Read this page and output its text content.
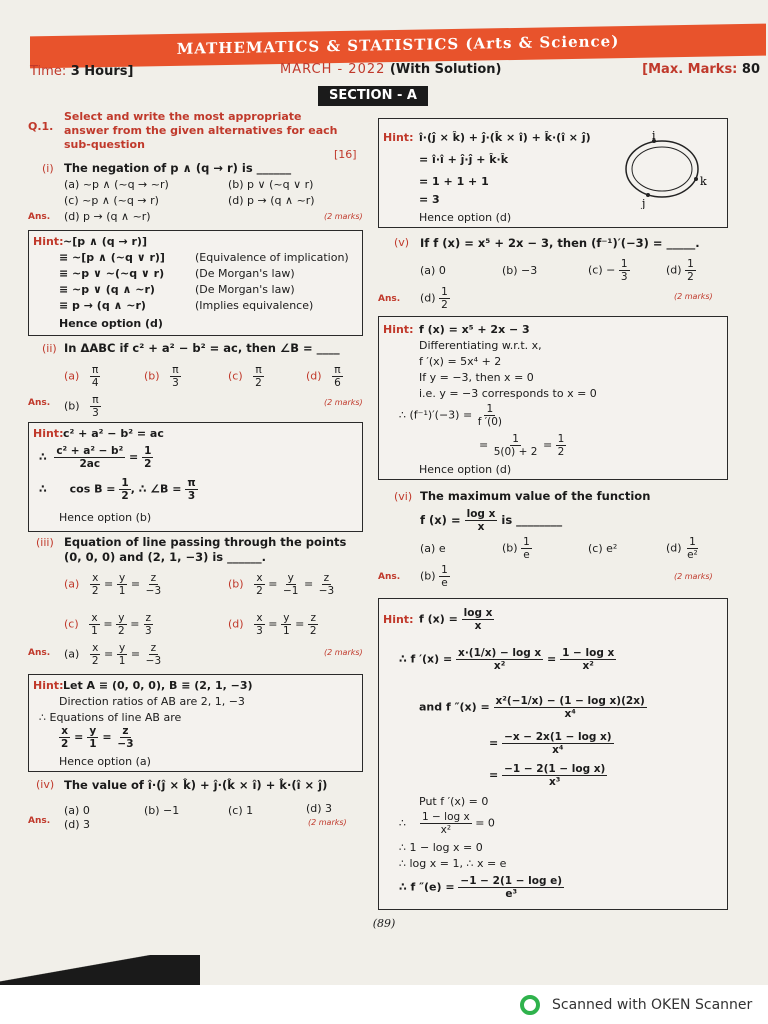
MATHEMATICS & STATISTICS (Arts & Science)
Time: 3 Hours]	MARCH - 2022 (With Solution)	[Max. Marks: 80
SECTION - A
Q.1.
Select and write the most appropriate
answer from the given alternatives for each
sub-question
[16]
(i) The negation of p ∧ (q → r) is ______
(a) ~p ∧ (~q → ~r)	(b) p ∨ (~q ∨ r)
(c) ~p ∧ (~q → r)	(d) p → (q ∧ ~r)
Ans. (d) p → (q ∧ ~r)	(2 marks)
Hint: ~[p ∧ (q → r)]
≡ ~[p ∧ (~q ∨ r)]	(Equivalence of implication)
≡ ~p ∨ ~(~q ∨ r)	(De Morgan's law)
≡ ~p ∨ (q ∧ ~r)	(De Morgan's law)
≡ p → (q ∧ ~r)	(Implies equivalence)
Hence option (d)
(ii) In ΔABC if c² + a² − b² = ac, then ∠B = ____
$(a) \frac{\pi}{4}$	$(b) \frac{\pi}{3}$	$(c) \frac{\pi}{2}$	$(d) \frac{\pi}{6}$
Ans. $(b) \frac{\pi}{3}$	(2 marks)
Hint: c² + a² − b² = ac
∴ $\frac{\text{c² + a² − b²}}{2ac} = \frac{1}{2}$
∴      $\cos B = \frac{1}{2}$ , ∴ ∠B = $\frac{\pi}{3}$
Hence option (b)
(iii) Equation of line passing through the points
(0, 0, 0) and (2, 1, −3) is ______.
$(a) \frac{x}{2} = \frac{y}{1} = \frac{z}{-3}$	$(b) \frac{x}{2} = \frac{y}{-1} = \frac{z}{-3}$
$(c) \frac{x}{1} = \frac{y}{2} = \frac{z}{3}$	$(d) \frac{x}{3} = \frac{y}{1} = \frac{z}{2}$
Ans. $(a) \frac{x}{2} = \frac{y}{1} = \frac{z}{-3}$	(2 marks)
Hint: Let A ≡ (0, 0, 0), B ≡ (2, 1, −3)
Direction ratios of AB are 2, 1, −3
∴ Equations of line AB are
$\frac{x}{2} = \frac{y}{1} = \frac{z}{-3}$
Hence option (a)
(iv) The value of î·(ĵ × k̂) + ĵ·(k̂ × î) + k̂·(î × ĵ)
(a) 0	(b) −1	(c) 1	(d) 3
Ans. (d) 3	(2 marks)
Hint: î·(ĵ × k̂) + ĵ·(k̂ × î) + k̂·(î × ĵ)
= î·î + ĵ·ĵ + k̂·k̂
= 1 + 1 + 1
= 3
Hence option (d)
i
k
j
(v) If f (x) = x⁵ + 2x − 3, then (f⁻¹)′(−3) = _____.
(a) 0	(b) −3	$(c) - \frac{1}{3}$	$(d) \frac{1}{2}$
Ans. $(d) \frac{1}{2}$	(2 marks)
Hint: f (x) = x⁵ + 2x − 3
Differentiating w.r.t. x,
f ′(x) = 5x⁴ + 2
If y = −3, then x = 0
i.e. y = −3 corresponds to x = 0
∴ $(f^{-1})'(-3) = \frac{1}{f '(0)}$
= $\frac{1}{5(0) + 2} = \frac{1}{2}$
Hence option (d)
(vi) The maximum value of the function
f $(x) = \frac{\text{log x}}{x}$ is ________
(a) e	$(b) \frac{1}{e}$	(c) e²	$(d) \frac{1}{\text{e²}}$
Ans. $(b) \frac{1}{e}$	(2 marks)
Hint: f $(x) = \frac{\text{log x}}{x}$
∴ f $'(x) = \frac{\text{x·(1/x) − log x}}{\text{x²}} = \frac{\text{1 − log x}}{\text{x²}}$
and f $''(x) = \frac{\text{x²(−1/x) − (1 − log x)(2x)}}{\text{x⁴}}$
= $\frac{\text{−x − 2x(1 − log x)}}{\text{x⁴}}$
= $\frac{\text{−1 − 2(1 − log x)}}{\text{x³}}$
Put f ′(x) = 0
∴ $\frac{\text{1 − log x}}{\text{x²}} = 0$
∴ 1 − log x = 0
∴ log x = 1, ∴ x = e
∴ f $''(e) = \frac{\text{−1 − 2(1 − log e)}}{\text{e³}}$
(89)
Scanned with OKEN Scanner
